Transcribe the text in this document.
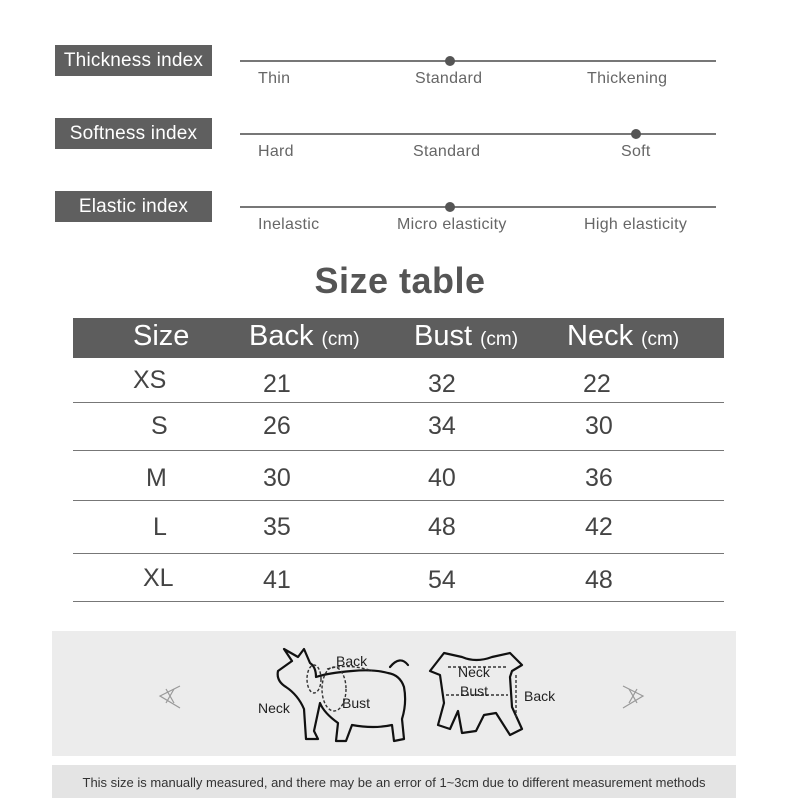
Thickness index
Thin	Standard	Thickening
Softness index
Hard	Standard	Soft
Elastic index
Inelastic	Micro elasticity	High elasticity
Size table
Size Back (cm) Bust (cm) Neck (cm)
XS	21	32	22
S	26	34	30
M	30	40	36
L	35	48	42
XL	41	54	48
Back
Neck	Bust
Neck
Bust	Back
This size is manually measured, and there may be an error of 1~3cm due to different measurement methods
